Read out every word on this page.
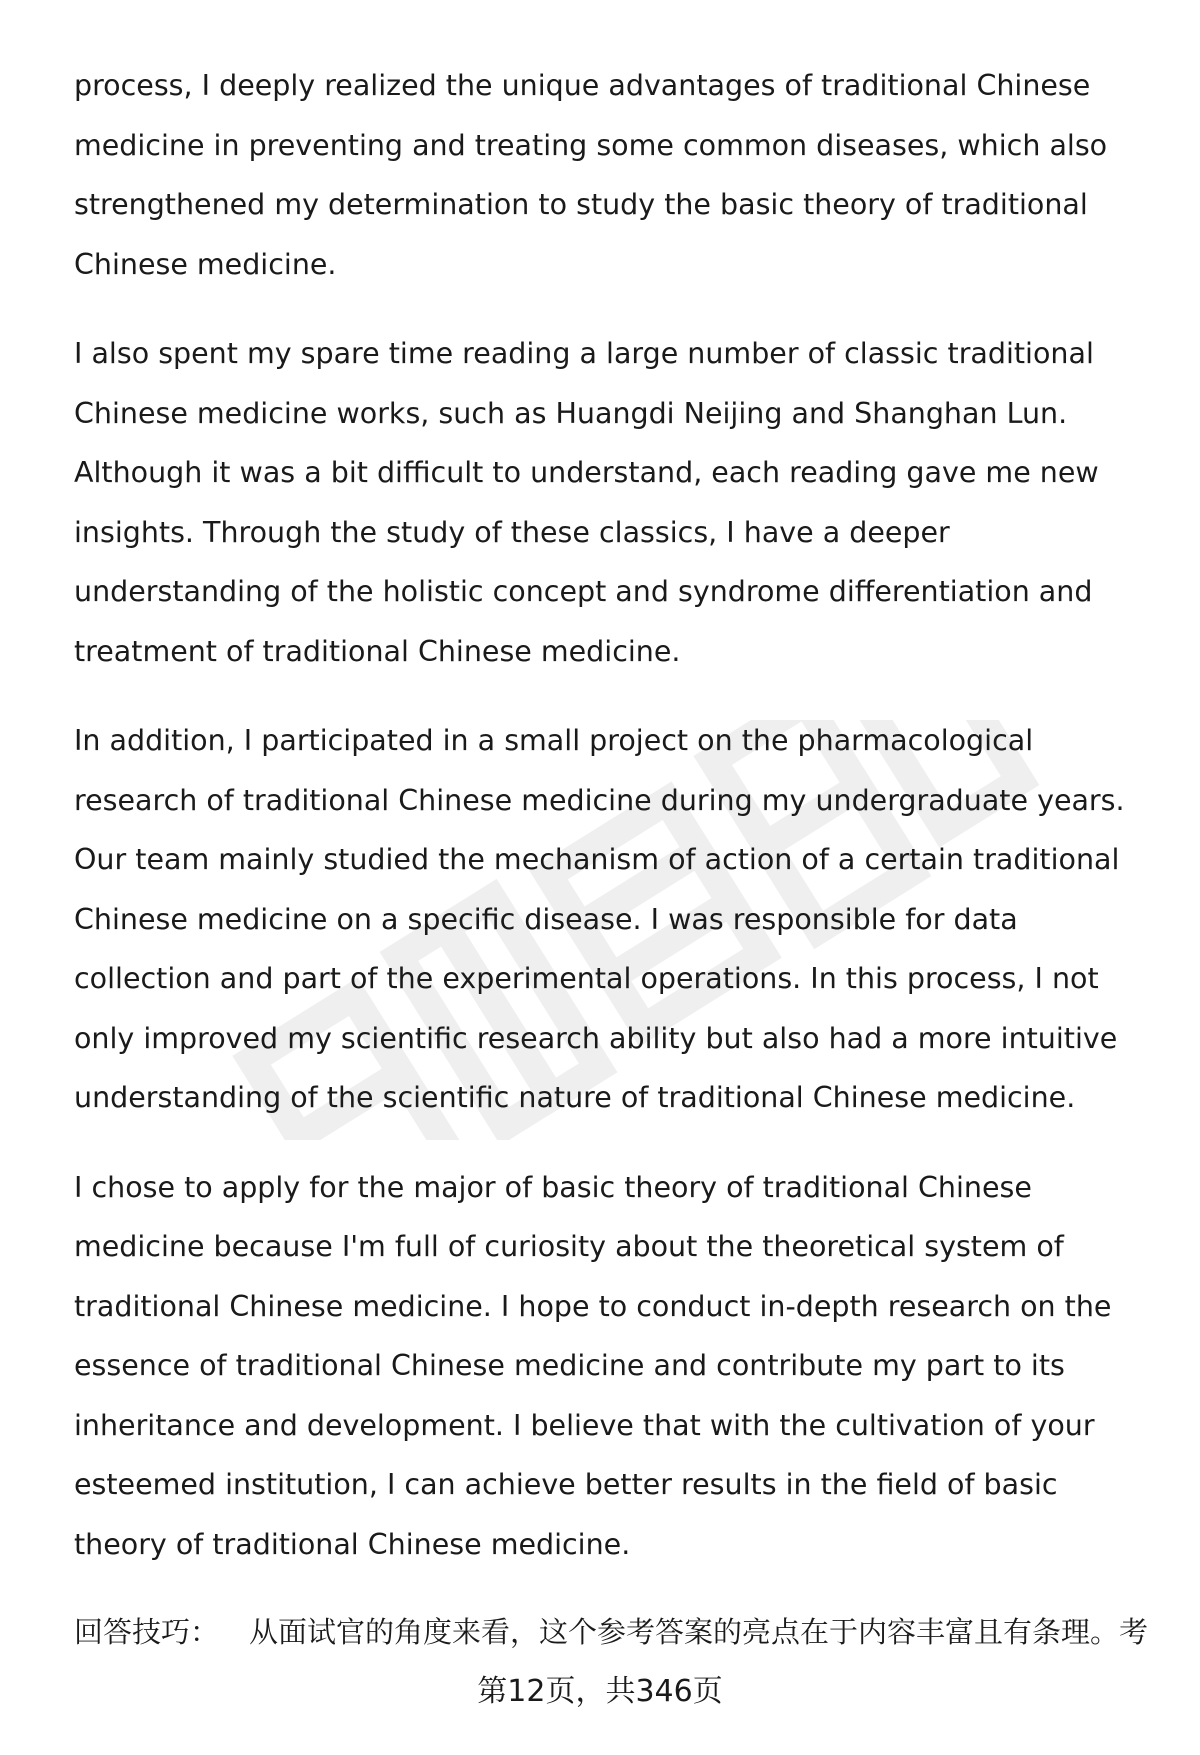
process, I deeply realized the unique advantages of traditional Chinese medicine in preventing and treating some common diseases, which also strengthened my determination to study the basic theory of traditional Chinese medicine.

I also spent my spare time reading a large number of classic traditional Chinese medicine works, such as Huangdi Neijing and Shanghan Lun. Although it was a bit difficult to understand, each reading gave me new insights. Through the study of these classics, I have a deeper understanding of the holistic concept and syndrome differentiation and treatment of traditional Chinese medicine.

In addition, I participated in a small project on the pharmacological research of traditional Chinese medicine during my undergraduate years. Our team mainly studied the mechanism of action of a certain traditional Chinese medicine on a specific disease. I was responsible for data collection and part of the experimental operations. In this process, I not only improved my scientific research ability but also had a more intuitive understanding of the scientific nature of traditional Chinese medicine.

I chose to apply for the major of basic theory of traditional Chinese medicine because I'm full of curiosity about the theoretical system of traditional Chinese medicine. I hope to conduct in-depth research on the essence of traditional Chinese medicine and contribute my part to its inheritance and development. I believe that with the cultivation of your esteemed institution, I can achieve better results in the field of basic theory of traditional Chinese medicine.

回答技巧： 从面试官的角度来看，这个参考答案的亮点在于内容丰富且有条理。考
第12页，共346页
